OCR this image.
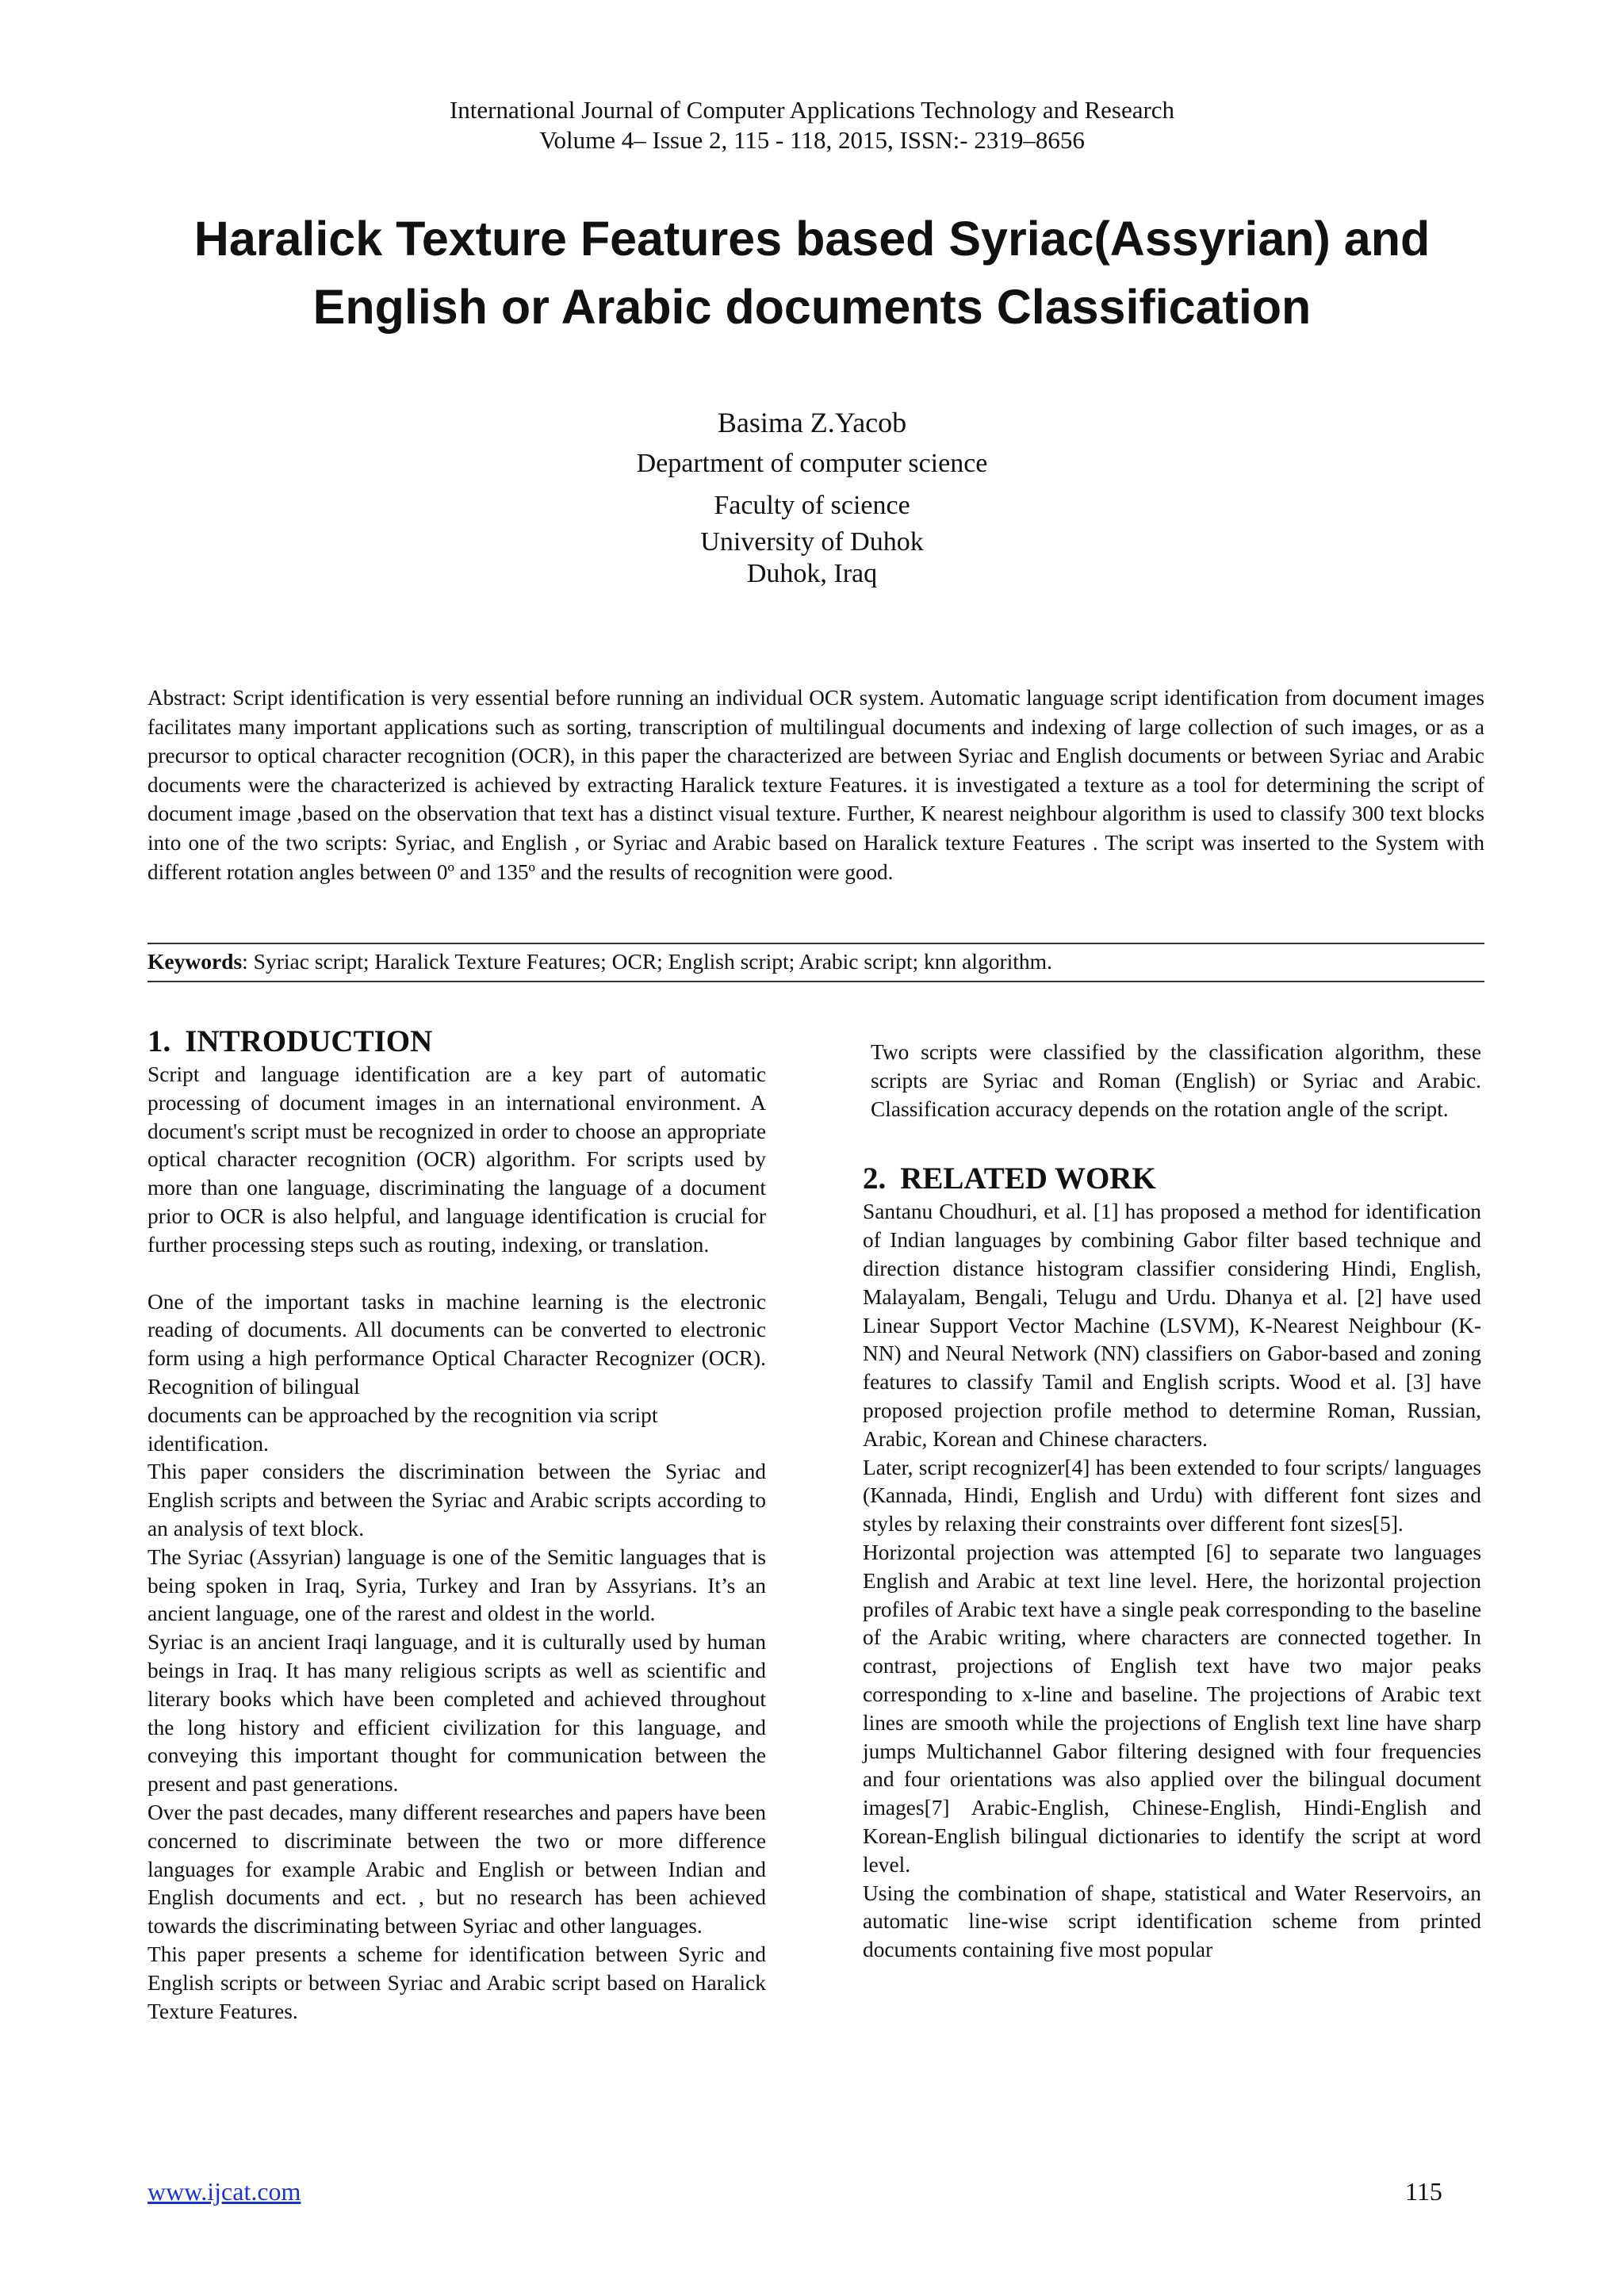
International Journal of Computer Applications Technology and Research
Volume 4– Issue 2, 115 - 118, 2015, ISSN:- 2319–8656
Haralick Texture Features based Syriac(Assyrian) and
English or Arabic documents Classification
Basima Z.Yacob
Department of computer science
Faculty of science
University of Duhok
Duhok, Iraq
Abstract: Script identification is very essential before running an individual OCR system. Automatic language script identification from document images facilitates many important applications such as sorting, transcription of multilingual documents and indexing of large collection of such images, or as a precursor to optical character recognition (OCR), in this paper the characterized are between Syriac and English documents or between Syriac and Arabic documents were the characterized is achieved by extracting Haralick texture Features. it is investigated a texture as a tool for determining the script of document image ,based on the observation that text has a distinct visual texture. Further, K nearest neighbour algorithm is used to classify 300 text blocks into one of the two scripts: Syriac, and English , or Syriac and Arabic based on Haralick texture Features . The script was inserted to the System with different rotation angles between 0º and 135º and the results of recognition were good.
Keywords: Syriac script; Haralick Texture Features; OCR; English script; Arabic script; knn algorithm.
1. INTRODUCTION

Script and language identification are a key part of automatic processing of document images in an international environment. A document's script must be recognized in order to choose an appropriate optical character recognition (OCR) algorithm. For scripts used by more than one language, discriminating the language of a document prior to OCR is also helpful, and language identification is crucial for further processing steps such as routing, indexing, or translation.

One of the important tasks in machine learning is the electronic reading of documents. All documents can be converted to electronic form using a high performance Optical Character Recognizer (OCR). Recognition of bilingual

documents can be approached by the recognition via script identification.

This paper considers the discrimination between the Syriac and English scripts and between the Syriac and Arabic scripts according to an analysis of text block.

The Syriac (Assyrian) language is one of the Semitic languages that is being spoken in Iraq, Syria, Turkey and Iran by Assyrians. It’s an ancient language, one of the rarest and oldest in the world.

Syriac is an ancient Iraqi language, and it is culturally used by human beings in Iraq. It has many religious scripts as well as scientific and literary books which have been completed and achieved throughout the long history and efficient civilization for this language, and conveying this important thought for communication between the present and past generations.

Over the past decades, many different researches and papers have been concerned to discriminate between the two or more difference languages for example Arabic and English or between Indian and English documents and ect. , but no research has been achieved towards the discriminating between Syriac and other languages.

This paper presents a scheme for identification between Syric and English scripts or between Syriac and Arabic script based on Haralick Texture Features.

Two scripts were classified by the classification algorithm, these scripts are Syriac and Roman (English) or Syriac and Arabic. Classification accuracy depends on the rotation angle of the script.

2. RELATED WORK

Santanu Choudhuri, et al. [1] has proposed a method for identification of Indian languages by combining Gabor filter based technique and direction distance histogram classifier considering Hindi, English, Malayalam, Bengali, Telugu and Urdu. Dhanya et al. [2] have used Linear Support Vector Machine (LSVM), K-Nearest Neighbour (K-NN) and Neural Network (NN) classifiers on Gabor-based and zoning features to classify Tamil and English scripts. Wood et al. [3] have proposed projection profile method to determine Roman, Russian, Arabic, Korean and Chinese characters.

Later, script recognizer[4] has been extended to four scripts/ languages (Kannada, Hindi, English and Urdu) with different font sizes and styles by relaxing their constraints over different font sizes[5].

Horizontal projection was attempted [6] to separate two languages English and Arabic at text line level. Here, the horizontal projection profiles of Arabic text have a single peak corresponding to the baseline of the Arabic writing, where characters are connected together. In contrast, projections of English text have two major peaks corresponding to x-line and baseline. The projections of Arabic text lines are smooth while the projections of English text line have sharp jumps Multichannel Gabor filtering designed with four frequencies and four orientations was also applied over the bilingual document images[7] Arabic-English, Chinese-English, Hindi-English and Korean-English bilingual dictionaries to identify the script at word level.

Using the combination of shape, statistical and Water Reservoirs, an automatic line-wise script identification scheme from printed documents containing five most popular

www.ijcat.com	115
